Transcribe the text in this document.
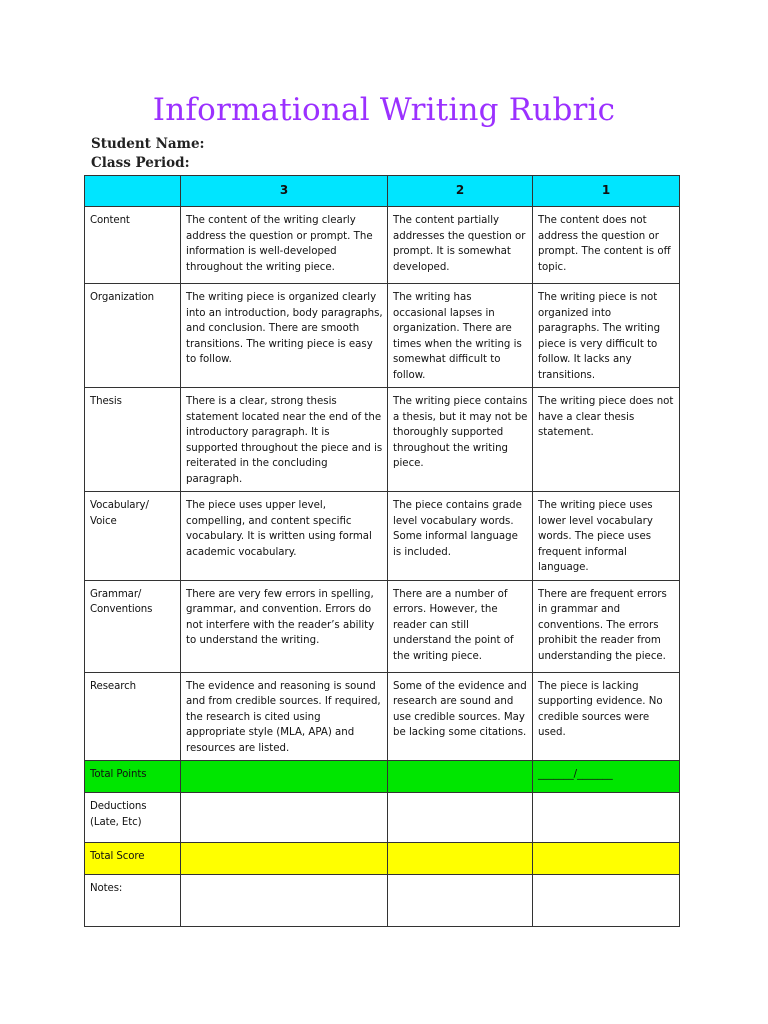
Informational Writing Rubric
Student Name:
Class Period:
	3	2	1
Content	The content of the writing clearly address the question or prompt. The information is well-developed throughout the writing piece.	The content partially addresses the question or prompt. It is somewhat developed.	The content does not address the question or prompt. The content is off topic.
Organization	The writing piece is organized clearly into an introduction, body paragraphs, and conclusion. There are smooth transitions. The writing piece is easy to follow.	The writing has occasional lapses in organization. There are times when the writing is somewhat difficult to follow.	The writing piece is not organized into paragraphs. The writing piece is very difficult to follow. It lacks any transitions.
Thesis	There is a clear, strong thesis statement located near the end of the introductory paragraph. It is supported throughout the piece and is reiterated in the concluding paragraph.	The writing piece contains a thesis, but it may not be thoroughly supported throughout the writing piece.	The writing piece does not have a clear thesis statement.
Vocabulary/ Voice	The piece uses upper level, compelling, and content specific vocabulary. It is written using formal academic vocabulary.	The piece contains grade level vocabulary words. Some informal language is included.	The writing piece uses lower level vocabulary words. The piece uses frequent informal language.
Grammar/ Conventions	There are very few errors in spelling, grammar, and convention. Errors do not interfere with the reader’s ability to understand the writing.	There are a number of errors. However, the reader can still understand the point of the writing piece.	There are frequent errors in grammar and conventions. The errors prohibit the reader from understanding the piece.
Research	The evidence and reasoning is sound and from credible sources. If required, the research is cited using appropriate style (MLA, APA) and resources are listed.	Some of the evidence and research are sound and use credible sources. May be lacking some citations.	The piece is lacking supporting evidence. No credible sources were used.
Total Points			_______/_______
Deductions (Late, Etc)			
Total Score			
Notes:			
